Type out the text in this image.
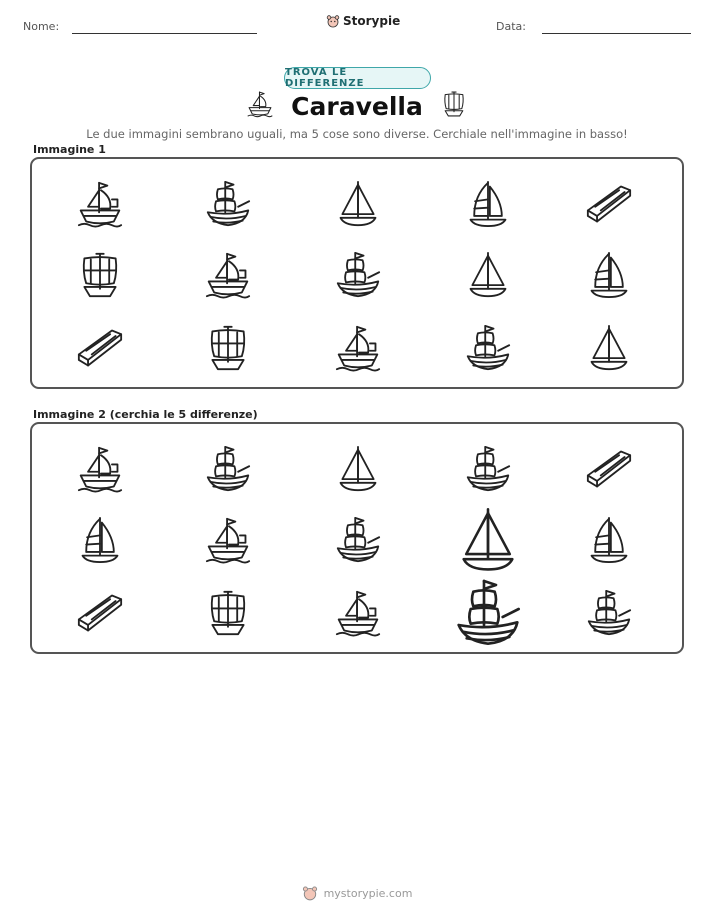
Nome:	Storypie	Data:
TROVA LE DIFFERENZE
Caravella
Le due immagini sembrano uguali, ma 5 cose sono diverse. Cerchiale nell'immagine in basso!
Immagine 1
Immagine 2 (cerchia le 5 differenze)
mystorypie.com
